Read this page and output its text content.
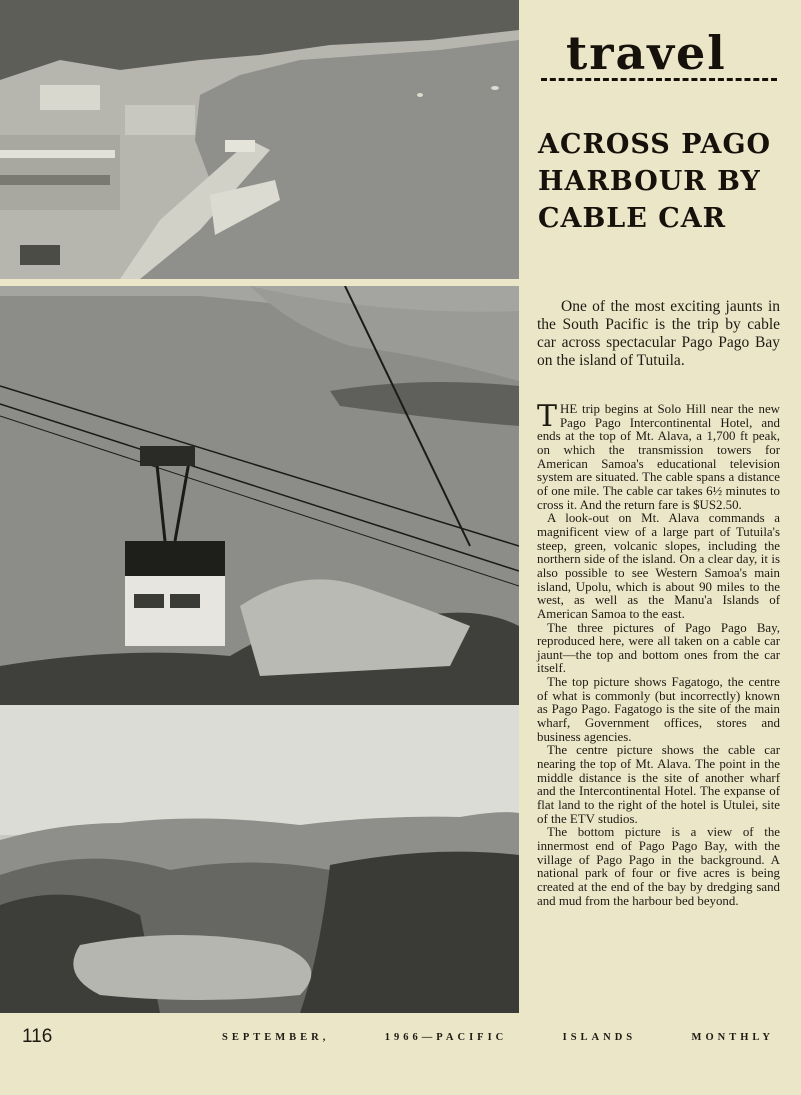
travel
ACROSS PAGO
HARBOUR BY
CABLE CAR

One of the most exciting jaunts in the South Pacific is the trip by cable car across spectacular Pago Pago Bay on the island of Tutuila.

THE trip begins at Solo Hill near the new Pago Pago Intercontinental Hotel, and ends at the top of Mt. Alava, a 1,700 ft peak, on which the transmission towers for American Samoa's educational television system are situated. The cable spans a distance of one mile. The cable car takes 6½ minutes to cross it. And the return fare is $US2.50.

A look-out on Mt. Alava commands a magnificent view of a large part of Tutuila's steep, green, volcanic slopes, including the northern side of the island. On a clear day, it is also possible to see Western Samoa's main island, Upolu, which is about 90 miles to the west, as well as the Manu'a Islands of American Samoa to the east.

The three pictures of Pago Pago Bay, reproduced here, were all taken on a cable car jaunt—the top and bottom ones from the car itself.

The top picture shows Fagatogo, the centre of what is commonly (but incorrectly) known as Pago Pago. Fagatogo is the site of the main wharf, Government offices, stores and business agencies.

The centre picture shows the cable car nearing the top of Mt. Alava. The point in the middle distance is the site of another wharf and the Intercontinental Hotel. The expanse of flat land to the right of the hotel is Utulei, site of the ETV studios.

The bottom picture is a view of the innermost end of Pago Pago Bay, with the village of Pago Pago in the background. A national park of four or five acres is being created at the end of the bay by dredging sand and mud from the harbour bed beyond.

116	SEPTEMBER,	1966—PACIFIC	ISLANDS	MONTHLY
